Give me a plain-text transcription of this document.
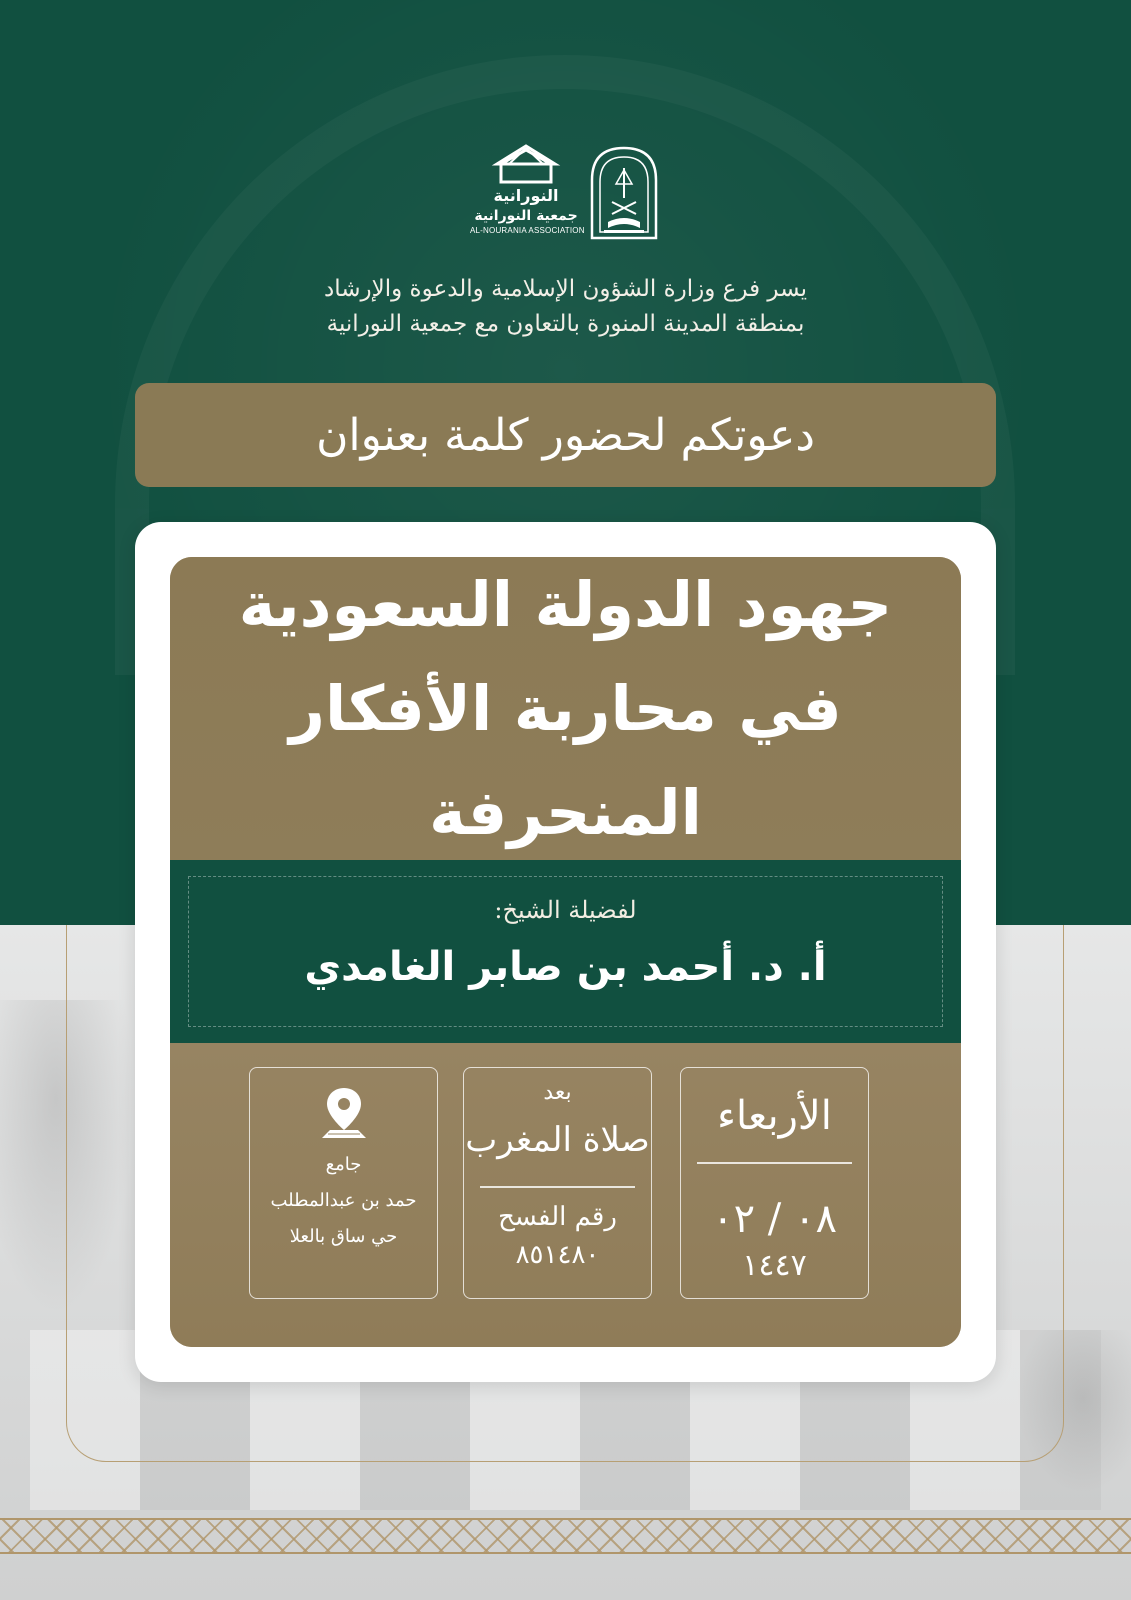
النورانية
جمعية النورانية
AL-NOURANIA ASSOCIATION
يسر فرع وزارة الشؤون الإسلامية والدعوة والإرشاد
بمنطقة المدينة المنورة بالتعاون مع جمعية النورانية
دعوتكم لحضور كلمة بعنوان
جهود الدولة السعودية
في محاربة الأفكار المنحرفة
لفضيلة الشيخ:
أ. د. أحمد بن صابر الغامدي
الأربعاء
٠٨ / ٠٢
١٤٤٧
بعد
صلاة المغرب
رقم الفسح
٨٥١٤٨٠
جامع
حمد بن عبدالمطلب
حي ساق بالعلا
